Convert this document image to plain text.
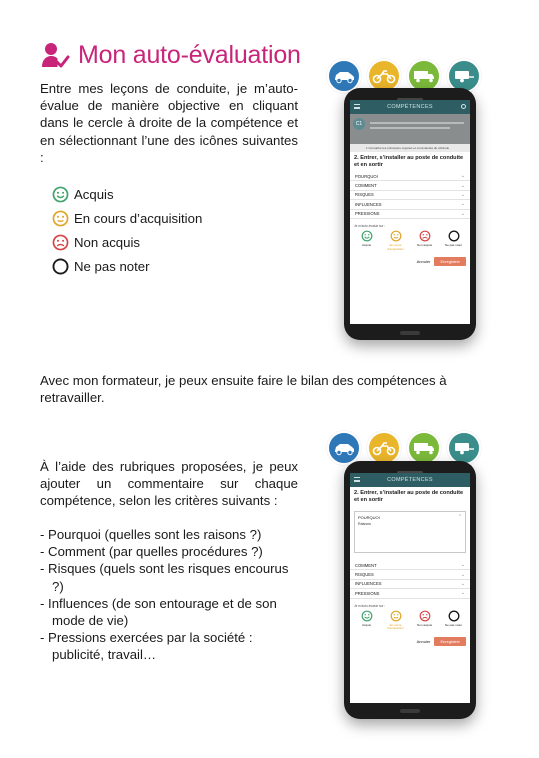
Mon auto-évaluation

Entre mes leçons de conduite, je m’auto-évalue de manière objective en cliquant dans le cercle à droite de la compétence et en sélectionnant l’une des icônes suivantes :

Acquis
En cours d’acquisition
Non acquis
Ne pas noter
COMPÉTENCES
C1
1 Connaître les principaux organes et commandes du véhicule
2. Entrer, s’installer au poste de conduite et en sortir
POURQUOI	⌄
COMMENT	⌄
RISQUES	⌄
INFLUENCES	⌄
PRESSIONS	⌄
Je m'auto-évalue sur :
Acquis	En cours d'acquisition
Non acquis	Ne pas noter
Annuler	Enregistrer

Avec mon formateur, je peux ensuite faire le bilan des compétences à retravailler.

À l’aide des rubriques proposées, je peux ajouter un commentaire sur chaque compétence, selon les critères suivants :

- Pourquoi (quelles sont les raisons ?)
- Comment (par quelles procédures ?)
- Risques (quels sont les risques encourus ?)
- Influences (de son entourage et de son mode de vie)
- Pressions exercées par la société : publicité, travail…
COMPÉTENCES
2. Entrer, s’installer au poste de conduite et en sortir
POURQUOI	⌃
Raisons
COMMENT	⌄
RISQUES	⌄
INFLUENCES	⌄
PRESSIONS	⌄
Je m'auto-évalue sur :
Acquis	En cours d'acquisition
Non acquis	Ne pas noter
Annuler	Enregistrer
